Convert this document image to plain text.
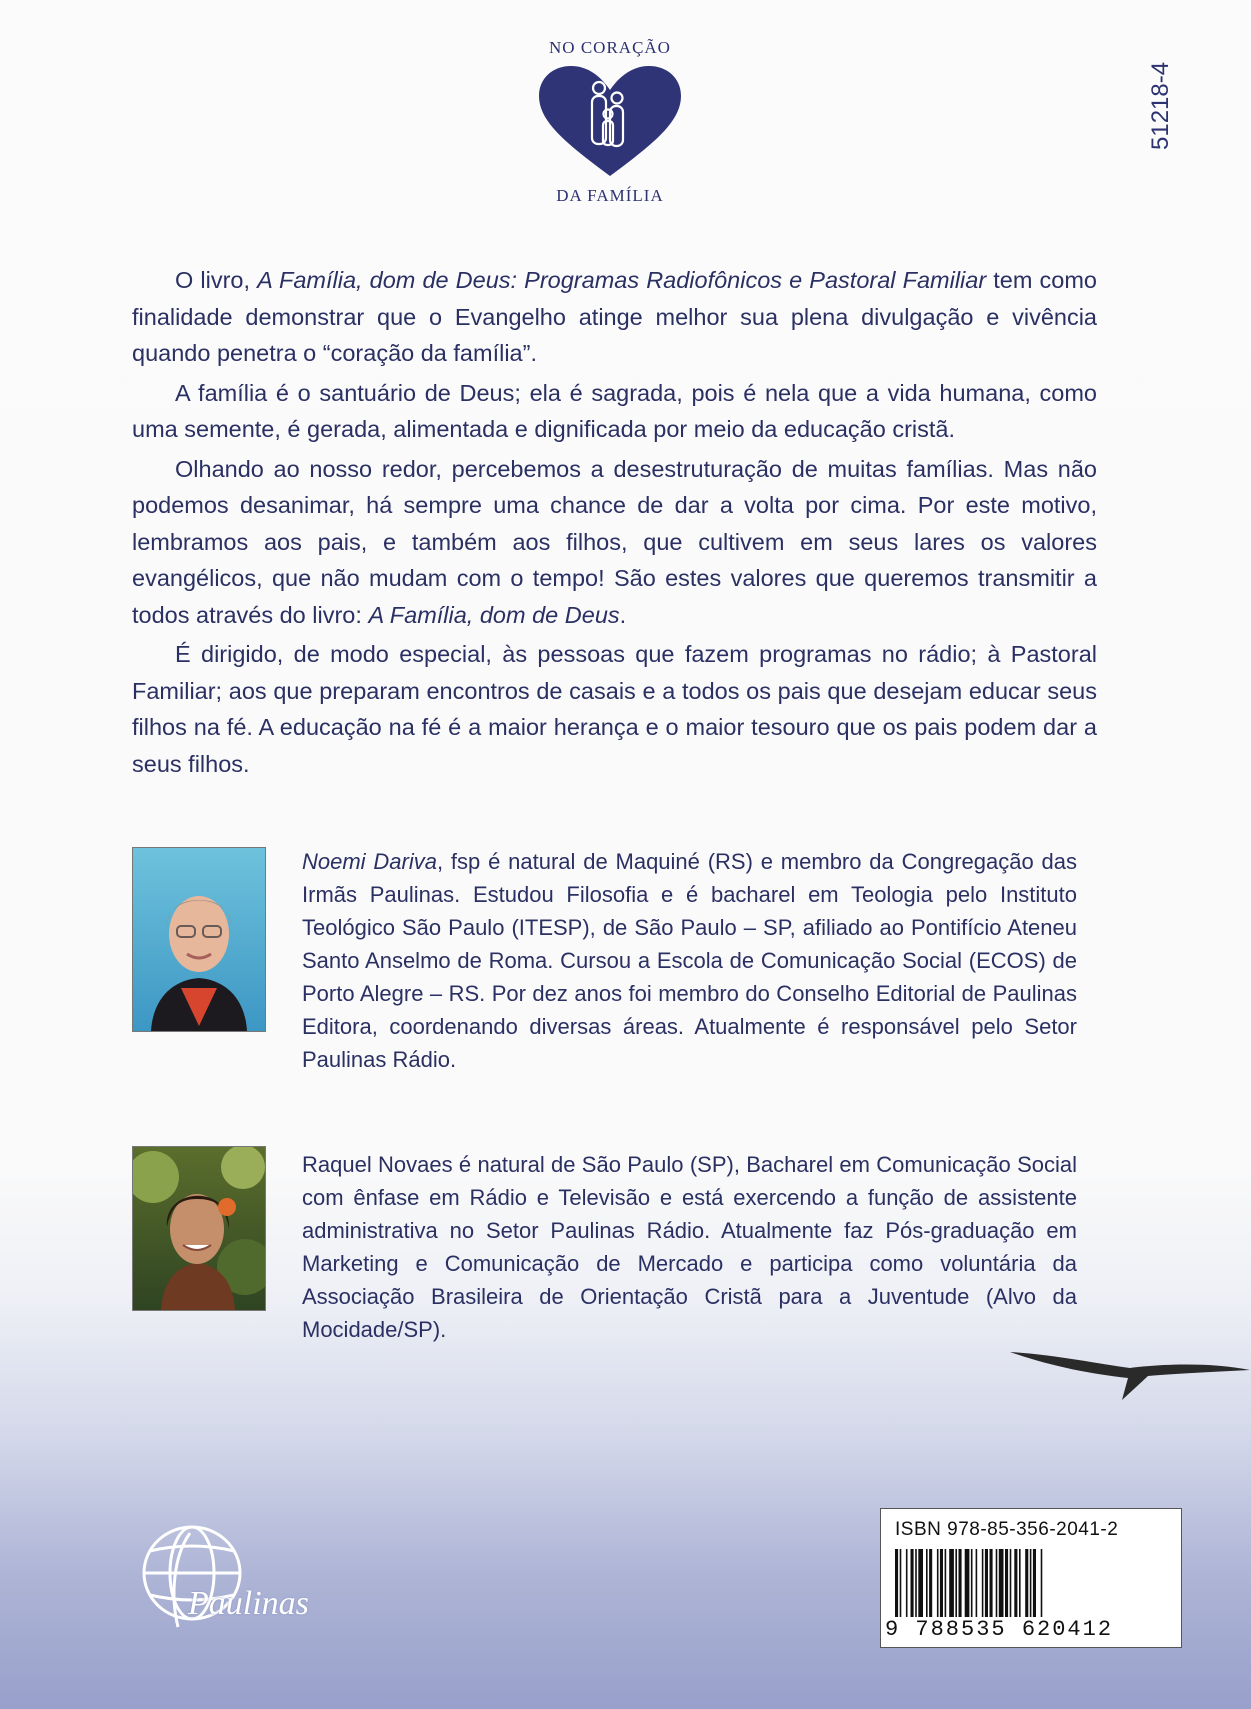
NO CORAÇÃO
DA FAMÍLIA
51218-4

O livro, A Família, dom de Deus: Programas Radiofônicos e Pastoral Familiar tem como finalidade demonstrar que o Evangelho atinge melhor sua plena divulgação e vivência quando penetra o “coração da família”.

A família é o santuário de Deus; ela é sagrada, pois é nela que a vida humana, como uma semente, é gerada, alimentada e dignificada por meio da educação cristã.

Olhando ao nosso redor, percebemos a desestruturação de muitas famílias. Mas não podemos desanimar, há sempre uma chance de dar a volta por cima. Por este motivo, lembramos aos pais, e também aos filhos, que cultivem em seus lares os valores evangélicos, que não mudam com o tempo! São estes valores que queremos transmitir a todos através do livro: A Família, dom de Deus.

É dirigido, de modo especial, às pessoas que fazem programas no rádio; à Pastoral Familiar; aos que preparam encontros de casais e a todos os pais que desejam educar seus filhos na fé. A educação na fé é a maior herança e o maior tesouro que os pais podem dar a seus filhos.

Noemi Dariva, fsp é natural de Maquiné (RS) e membro da Congregação das Irmãs Paulinas. Estudou Filosofia e é bacharel em Teologia pelo Instituto Teológico São Paulo (ITESP), de São Paulo – SP, afiliado ao Pontifício Ateneu Santo Anselmo de Roma. Cursou a Escola de Comunicação Social (ECOS) de Porto Alegre – RS. Por dez anos foi membro do Conselho Editorial de Paulinas Editora, coordenando diversas áreas. Atualmente é responsável pelo Setor Paulinas Rádio.
Raquel Novaes é natural de São Paulo (SP), Bacharel em Comunicação Social com ênfase em Rádio e Televisão e está exercendo a função de assistente administrativa no Setor Paulinas Rádio. Atualmente faz Pós-graduação em Marketing e Comunicação de Mercado e participa como voluntária da Associação Brasileira de Orientação Cristã para a Juventude (Alvo da Mocidade/SP).
Paulinas
ISBN 978-85-356-2041-2
9 788535 620412
